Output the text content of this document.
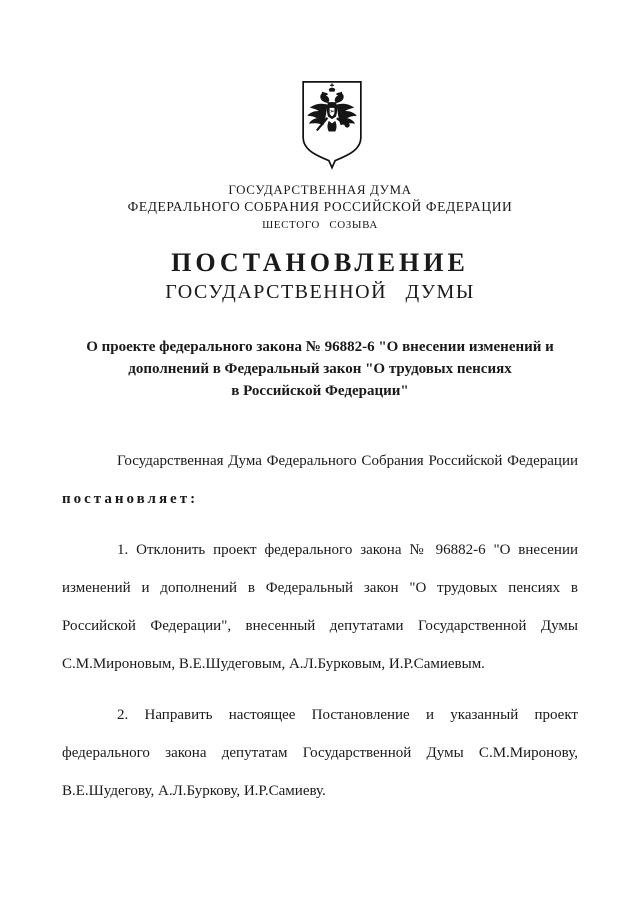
ГОСУДАРСТВЕННАЯ ДУМА
ФЕДЕРАЛЬНОГО СОБРАНИЯ РОССИЙСКОЙ ФЕДЕРАЦИИ
ШЕСТОГО СОЗЫВА
ПОСТАНОВЛЕНИЕ
ГОСУДАРСТВЕННОЙ ДУМЫ
О проекте федерального закона № 96882-6 "О внесении изменений и
дополнений в Федеральный закон "О трудовых пенсиях
в Российской Федерации"

Государственная Дума Федерального Собрания Российской Федерации постановляет:

1. Отклонить проект федерального закона № 96882-6 "О внесении изменений и дополнений в Федеральный закон "О трудовых пенсиях в Российской Федерации", внесенный депутатами Государственной Думы С.М.Мироновым, В.Е.Шудеговым, А.Л.Бурковым, И.Р.Самиевым.

2. Направить настоящее Постановление и указанный проект федерального закона депутатам Государственной Думы С.М.Миронову, В.Е.Шудегову, А.Л.Буркову, И.Р.Самиеву.
